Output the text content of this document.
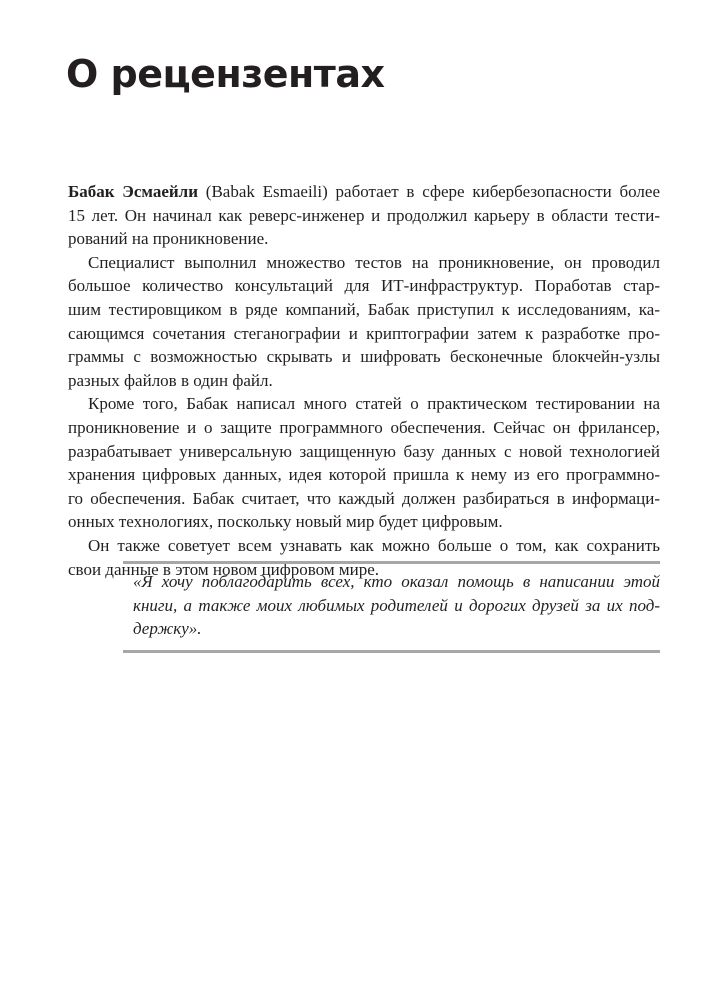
О рецензентах
Бабак Эсмаейли (Babak Esmaeili) работает в сфере кибербезопасности более
15 лет. Он начинал как реверс-инженер и продолжил карьеру в области тести-
рований на проникновение.
Специалист выполнил множество тестов на проникновение, он проводил
большое количество консультаций для ИТ-инфраструктур. Поработав стар-
шим тестировщиком в ряде компаний, Бабак приступил к исследованиям, ка-
сающимся сочетания стеганографии и криптографии затем к разработке про-
граммы с возможностью скрывать и шифровать бесконечные блокчейн-узлы
разных файлов в один файл.
Кроме того, Бабак написал много статей о практическом тестировании на
проникновение и о защите программного обеспечения. Сейчас он фрилансер,
разрабатывает универсальную защищенную базу данных с новой технологией
хранения цифровых данных, идея которой пришла к нему из его программно-
го обеспечения. Бабак считает, что каждый должен разбираться в информаци-
онных технологиях, поскольку новый мир будет цифровым.
Он также советует всем узнавать как можно больше о том, как сохранить
свои данные в этом новом цифровом мире.
«Я хочу поблагодарить всех, кто оказал помощь в написании этой
книги, а также моих любимых родителей и дорогих друзей за их под-
держку».
